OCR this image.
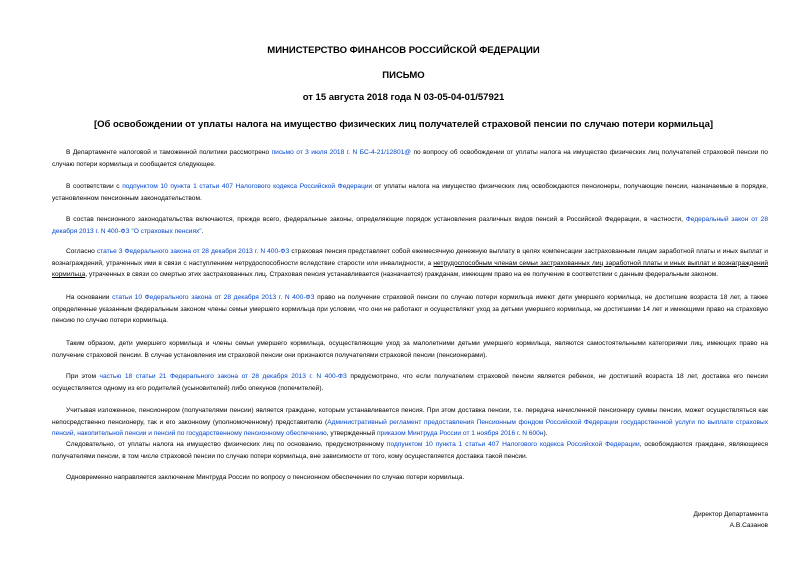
МИНИСТЕРСТВО ФИНАНСОВ РОССИЙСКОЙ ФЕДЕРАЦИИ
ПИСЬМО
от 15 августа 2018 года N 03-05-04-01/57921
[Об освобождении от уплаты налога на имущество физических лиц получателей страховой пенсии по случаю потери кормильца]

В Департаменте налоговой и таможенной политики рассмотрено письмо от 3 июля 2018 г. N БС-4-21/12801@ по вопросу об освобождении от уплаты налога на имущество физических лиц получателей страховой пенсии по случаю потери кормильца и сообщается следующее.

В соответствии с подпунктом 10 пункта 1 статьи 407 Налогового кодекса Российской Федерации от уплаты налога на имущество физических лиц освобождаются пенсионеры, получающие пенсии, назначаемые в порядке, установленном пенсионным законодательством.

В состав пенсионного законодательства включаются, прежде всего, федеральные законы, определяющие порядок установления различных видов пенсий в Российской Федерации, в частности, Федеральный закон от 28 декабря 2013 г. N 400-ФЗ "О страховых пенсиях".

Согласно статье 3 Федерального закона от 28 декабря 2013 г. N 400-ФЗ страховая пенсия представляет собой ежемесячную денежную выплату в целях компенсации застрахованным лицам заработной платы и иных выплат и вознаграждений, утраченных ими в связи с наступлением нетрудоспособности вследствие старости или инвалидности, а нетрудоспособным членам семьи застрахованных лиц заработной платы и иных выплат и вознаграждений кормильца, утраченных в связи со смертью этих застрахованных лиц. Страховая пенсия устанавливается (назначается) гражданам, имеющим право на ее получение в соответствии с данным федеральным законом.

На основании статьи 10 Федерального закона от 28 декабря 2013 г. N 400-ФЗ право на получение страховой пенсии по случаю потери кормильца имеют дети умершего кормильца, не достигшие возраста 18 лет, а также определенные указанным федеральным законом члены семьи умершего кормильца при условии, что они не работают и осуществляют уход за детьми умершего кормильца, не достигшими 14 лет и имеющими право на страховую пенсию по случаю потери кормильца.

Таким образом, дети умершего кормильца и члены семьи умершего кормильца, осуществляющие уход за малолетними детьми умершего кормильца, являются самостоятельными категориями лиц, имеющих право на получение страховой пенсии. В случае установления им страховой пенсии они признаются получателями страховой пенсии (пенсионерами).

При этом частью 18 статьи 21 Федерального закона от 28 декабря 2013 г. N 400-ФЗ предусмотрено, что если получателем страховой пенсии является ребенок, не достигший возраста 18 лет, доставка его пенсии осуществляется одному из его родителей (усыновителей) либо опекунов (попечителей).

Учитывая изложенное, пенсионером (получателями пенсии) является гражданe, которым устанавливается пенсия. При этом доставка пенсии, т.е. передача начисленной пенсионеру суммы пенсии, может осуществляться как непосредственно пенсионеру, так и его законному (уполномоченному) представителю (Административный регламент предоставления Пенсионным фондом Российской Федерации государственной услуги по выплате страховых пенсий, накопительной пенсии и пенсий по государственному пенсионному обеспечению, утвержденный приказом Минтруда России от 1 ноября 2016 г. N 600н).

Следовательно, от уплаты налога на имущество физических лиц по основанию, предусмотренному подпунктом 10 пункта 1 статьи 407 Налогового кодекса Российской Федерации, освобождаются граждане, являющиеся получателями пенсии, в том числе страховой пенсии по случаю потери кормильца, вне зависимости от того, кому осуществляется доставка такой пенсии.

Одновременно направляется заключение Минтруда России по вопросу о пенсионном обеспечении по случаю потери кормильца.

Директор Департамента
А.В.Сазанов
